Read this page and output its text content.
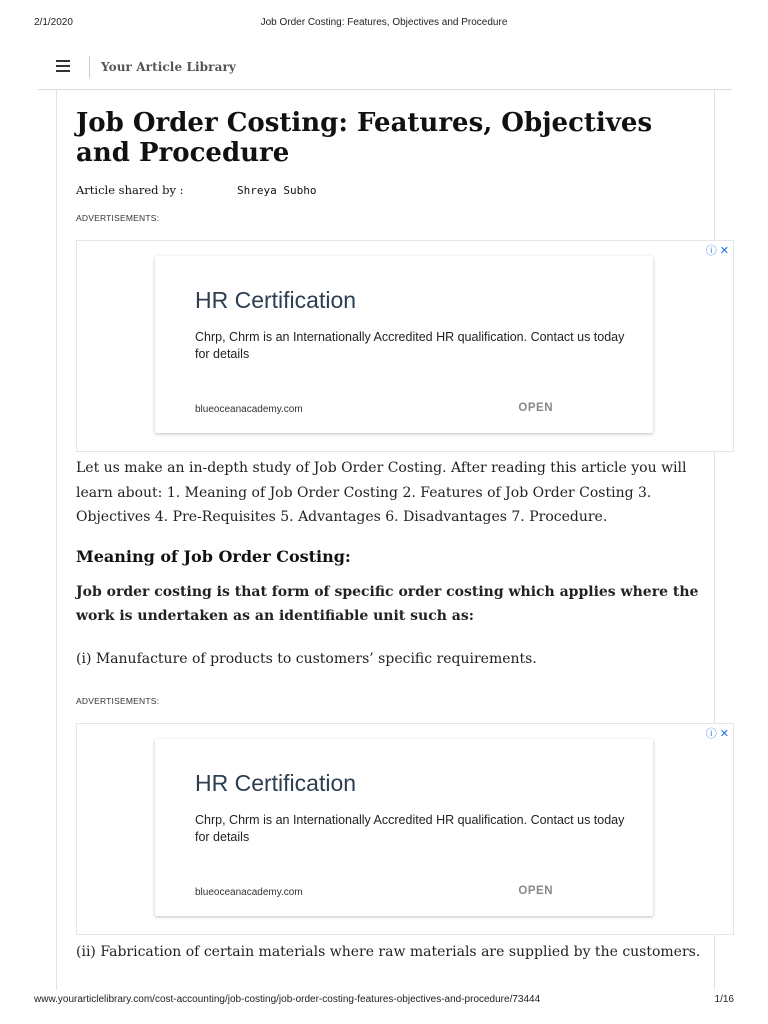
2/1/2020	Job Order Costing: Features, Objectives and Procedure
Your Article Library
Job Order Costing: Features, Objectives and Procedure
Article shared by :	Shreya Subho
ADVERTISEMENTS:
ⓘ ✕
HR Certification
Chrp, Chrm is an Internationally Accredited HR qualification. Contact us today for details
blueoceanacademy.com	OPEN

Let us make an in-depth study of Job Order Costing. After reading this article you will learn about: 1. Meaning of Job Order Costing 2. Features of Job Order Costing 3. Objectives 4. Pre-Requisites 5. Advantages 6. Disadvantages 7. Procedure.

Meaning of Job Order Costing:

Job order costing is that form of specific order costing which applies where the work is undertaken as an identifiable unit such as:

(i) Manufacture of products to customers’ specific requirements.

ADVERTISEMENTS:
ⓘ ✕
HR Certification
Chrp, Chrm is an Internationally Accredited HR qualification. Contact us today for details
blueoceanacademy.com	OPEN

(ii) Fabrication of certain materials where raw materials are supplied by the customers.

www.yourarticlelibrary.com/cost-accounting/job-costing/job-order-costing-features-objectives-and-procedure/73444	1/16
